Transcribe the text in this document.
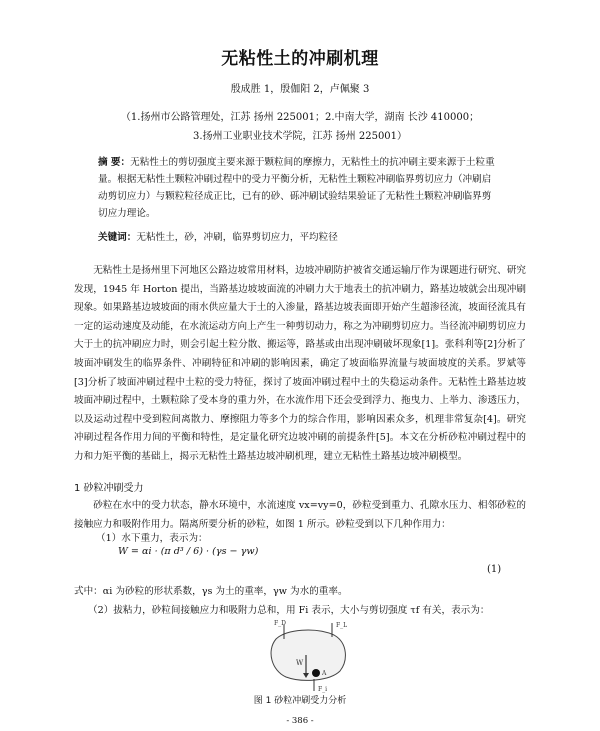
无粘性土的冲刷机理
殷成胜 1，殷伽阳 2，卢佩聚 3
（1.扬州市公路管理处，江苏 扬州 225001；2.中南大学，湖南 长沙 410000；
3.扬州工业职业技术学院，江苏 扬州 225001）
摘 要：无粘性土的剪切强度主要来源于颗粒间的摩擦力，无粘性土的抗冲刷主要来源于土粒重量。根据无粘性土颗粒冲刷过程中的受力平衡分析，无粘性土颗粒冲刷临界剪切应力（冲刷启动剪切应力）与颗粒粒径成正比，已有的砂、砾冲刷试验结果验证了无粘性土颗粒冲刷临界剪切应力理论。
关键词：无粘性土，砂，冲刷，临界剪切应力，平均粒径
无粘性土是扬州里下河地区公路边坡常用材料，边坡冲刷防护被省交通运输厅作为课题进行研究、研究发现，1945 年 Horton 提出，当路基边坡坡面流的冲刷力大于地表土的抗冲刷力，路基边坡就会出现冲刷现象。如果路基边坡坡面的雨水供应量大于土的入渗量，路基边坡表面即开始产生超渗径流，坡面径流具有一定的运动速度及动能，在水流运动方向上产生一种剪切动力，称之为冲刷剪切应力。当径流冲刷剪切应力大于土的抗冲刷应力时，则会引起土粒分散、搬运等，路基或由出现冲刷破坏现象[1]。张科利等[2]分析了坡面冲刷发生的临界条件、冲刷特征和冲刷的影响因素，确定了坡面临界流量与坡面坡度的关系。罗斌等[3]分析了坡面冲刷过程中土粒的受力特征，探讨了坡面冲刷过程中土的失稳运动条件。无粘性土路基边坡坡面冲刷过程中，土颗粒除了受本身的重力外，在水流作用下还会受到浮力、拖曳力、上举力、渗透压力，以及运动过程中受到粒间离散力、摩擦阻力等多个力的综合作用，影响因素众多，机理非常复杂[4]。研究冲刷过程各作用力间的平衡和特性，是定量化研究边坡冲刷的前提条件[5]。本文在分析砂粒冲刷过程中的力和力矩平衡的基础上，揭示无粘性土路基边坡冲刷机理，建立无粘性土路基边坡冲刷模型。
1 砂粒冲刷受力
砂粒在水中的受力状态，静水环境中，水流速度 vx=vy=0，砂粒受到重力、孔隙水压力、相邻砂粒的接触应力和吸附作用力。隔离所要分析的砂粒，如图 1 所示。砂粒受到以下几种作用力：
（1）水下重力，表示为：
W = αi · (π d³ / 6) · (γs − γw)
(1)
式中：αi 为砂粒的形状系数，γs 为土的重率，γw 为水的重率。
（2）拔粘力，砂粒间接触应力和吸附力总和，用 Fi 表示，大小与剪切强度 τf 有关，表示为：
F_D	F_L
W
A
F_i
图 1 砂粒冲刷受力分析
- 386 -
